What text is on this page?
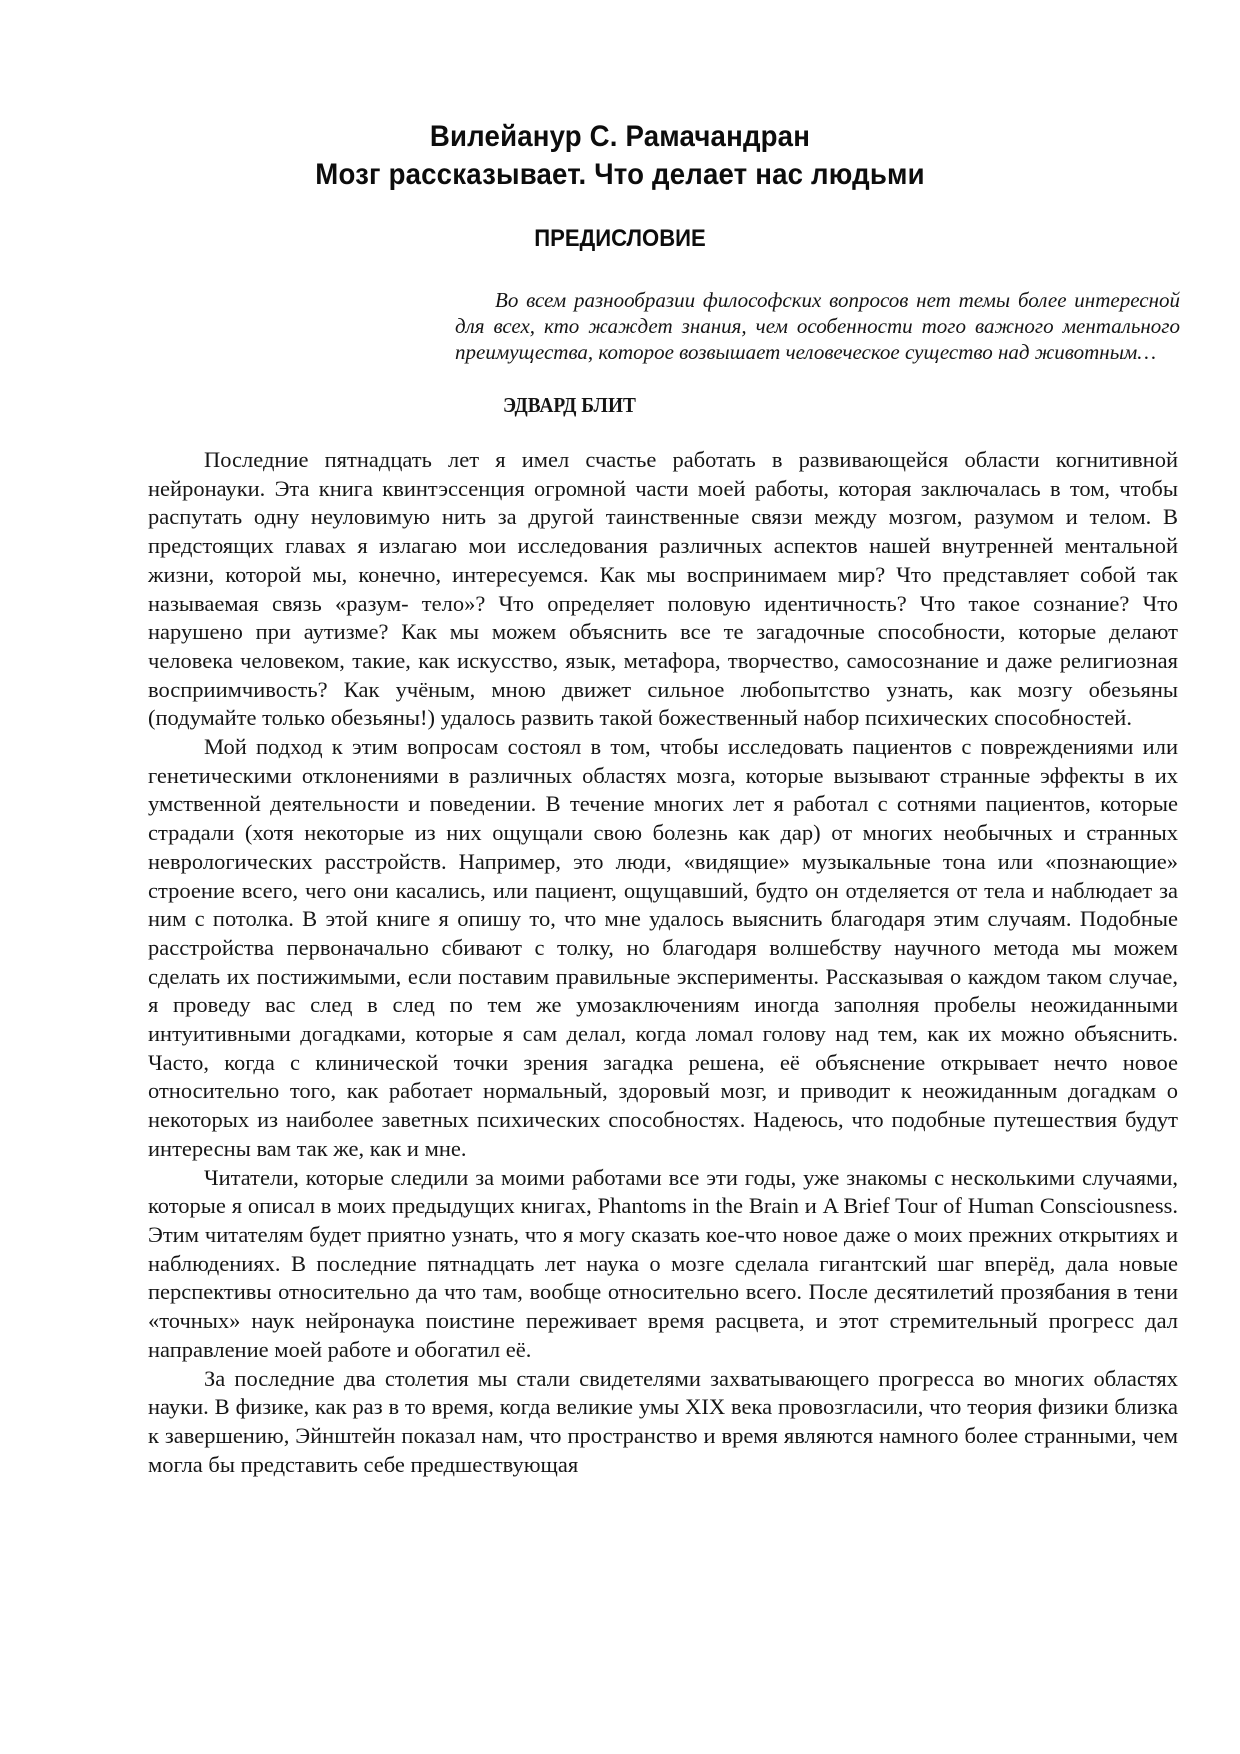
Вилейанур С. Рамачандран
Мозг рассказывает. Что делает нас людьми
ПРЕДИСЛОВИЕ
Во всем разнообразии философских вопросов нет темы более интересной для всех, кто жаждет знания, чем особенности того важного ментального преимущества, которое возвышает человеческое существо над животным…
ЭДВАРД БЛИТ

Последние пятнадцать лет я имел счастье работать в развивающейся области когнитивной нейронауки. Эта книга квинтэссенция огромной части моей работы, которая заключалась в том, чтобы распутать одну неуловимую нить за другой таинственные связи между мозгом, разумом и телом. В предстоящих главах я излагаю мои исследования различных аспектов нашей внутренней ментальной жизни, которой мы, конечно, интересуемся. Как мы воспринимаем мир? Что представляет собой так называемая связь «разум- тело»? Что определяет половую идентичность? Что такое сознание? Что нарушено при аутизме? Как мы можем объяснить все те загадочные способности, которые делают человека человеком, такие, как искусство, язык, метафора, творчество, самосознание и даже религиозная восприимчивость? Как учёным, мною движет сильное любопытство узнать, как мозгу обезьяны (подумайте только обезьяны!) удалось развить такой божественный набор психических способностей.

Мой подход к этим вопросам состоял в том, чтобы исследовать пациентов с повреждениями или генетическими отклонениями в различных областях мозга, которые вызывают странные эффекты в их умственной деятельности и поведении. В течение многих лет я работал с сотнями пациентов, которые страдали (хотя некоторые из них ощущали свою болезнь как дар) от многих необычных и странных неврологических расстройств. Например, это люди, «видящие» музыкальные тона или «познающие» строение всего, чего они касались, или пациент, ощущавший, будто он отделяется от тела и наблюдает за ним с потолка. В этой книге я опишу то, что мне удалось выяснить благодаря этим случаям. Подобные расстройства первоначально сбивают с толку, но благодаря волшебству научного метода мы можем сделать их постижимыми, если поставим правильные эксперименты. Рассказывая о каждом таком случае, я проведу вас след в след по тем же умозаключениям иногда заполняя пробелы неожиданными интуитивными догадками, которые я сам делал, когда ломал голову над тем, как их можно объяснить. Часто, когда с клинической точки зрения загадка решена, её объяснение открывает нечто новое относительно того, как работает нормальный, здоровый мозг, и приводит к неожиданным догадкам о некоторых из наиболее заветных психических способностях. Надеюсь, что подобные путешествия будут интересны вам так же, как и мне.

Читатели, которые следили за моими работами все эти годы, уже знакомы с несколькими случаями, которые я описал в моих предыдущих книгах, Phantoms in the Brain и A Brief Tour of Human Consciousness. Этим читателям будет приятно узнать, что я могу сказать кое-что новое даже о моих прежних открытиях и наблюдениях. В последние пятнадцать лет наука о мозге сделала гигантский шаг вперёд, дала новые перспективы относительно да что там, вообще относительно всего. После десятилетий прозябания в тени «точных» наук нейронаука поистине переживает время расцвета, и этот стремительный прогресс дал направление моей работе и обогатил её.

За последние два столетия мы стали свидетелями захватывающего прогресса во многих областях науки. В физике, как раз в то время, когда великие умы XIX века провозгласили, что теория физики близка к завершению, Эйнштейн показал нам, что пространство и время являются намного более странными, чем могла бы представить себе предшествующая
